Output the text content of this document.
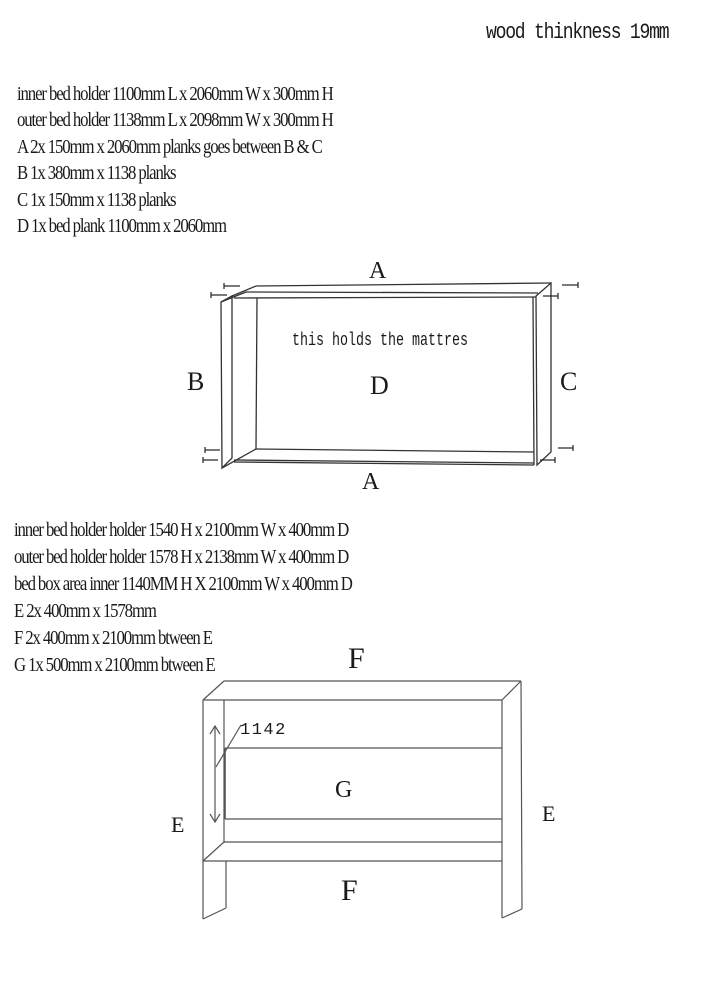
wood thinkness 19mm
inner bed holder 1100mm L x 2060mm W x 300mm H
outer bed holder 1138mm L x 2098mm W x 300mm H
A 2x 150mm x 2060mm planks goes between B & C
B 1x 380mm x 1138 planks
C 1x 150mm x 1138 planks
D 1x bed plank 1100mm x 2060mm
A
A
B	C
D
this holds the mattres
inner bed holder holder 1540 H x 2100mm W x 400mm D
outer bed holder holder 1578 H x 2138mm W x 400mm D
bed box area inner 1140MM H X 2100mm W x 400mm D
E 2x 400mm x 1578mm
F 2x 400mm x 2100mm btween E
G 1x 500mm x 2100mm btween E	F
F
E	E
G
1142
